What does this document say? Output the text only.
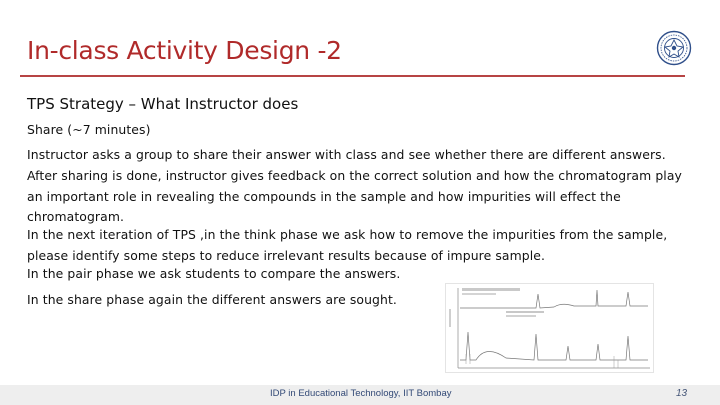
In-class Activity Design -2
TPS Strategy – What Instructor does

Share (~7 minutes)

Instructor asks a group to share their answer with class and see whether there are different answers. After sharing is done, instructor gives feedback on the correct solution and how the chromatogram play an important role in revealing the compounds in the sample and how impurities will effect the chromatogram.

In the next iteration of TPS ,in the think phase we ask how to remove the impurities from the sample, please identify some steps to reduce irrelevant results because of impure sample.

In the pair phase we ask students to compare the answers.

In the share phase again the different answers are sought.

IDP in Educational Technology, IIT Bombay	13
